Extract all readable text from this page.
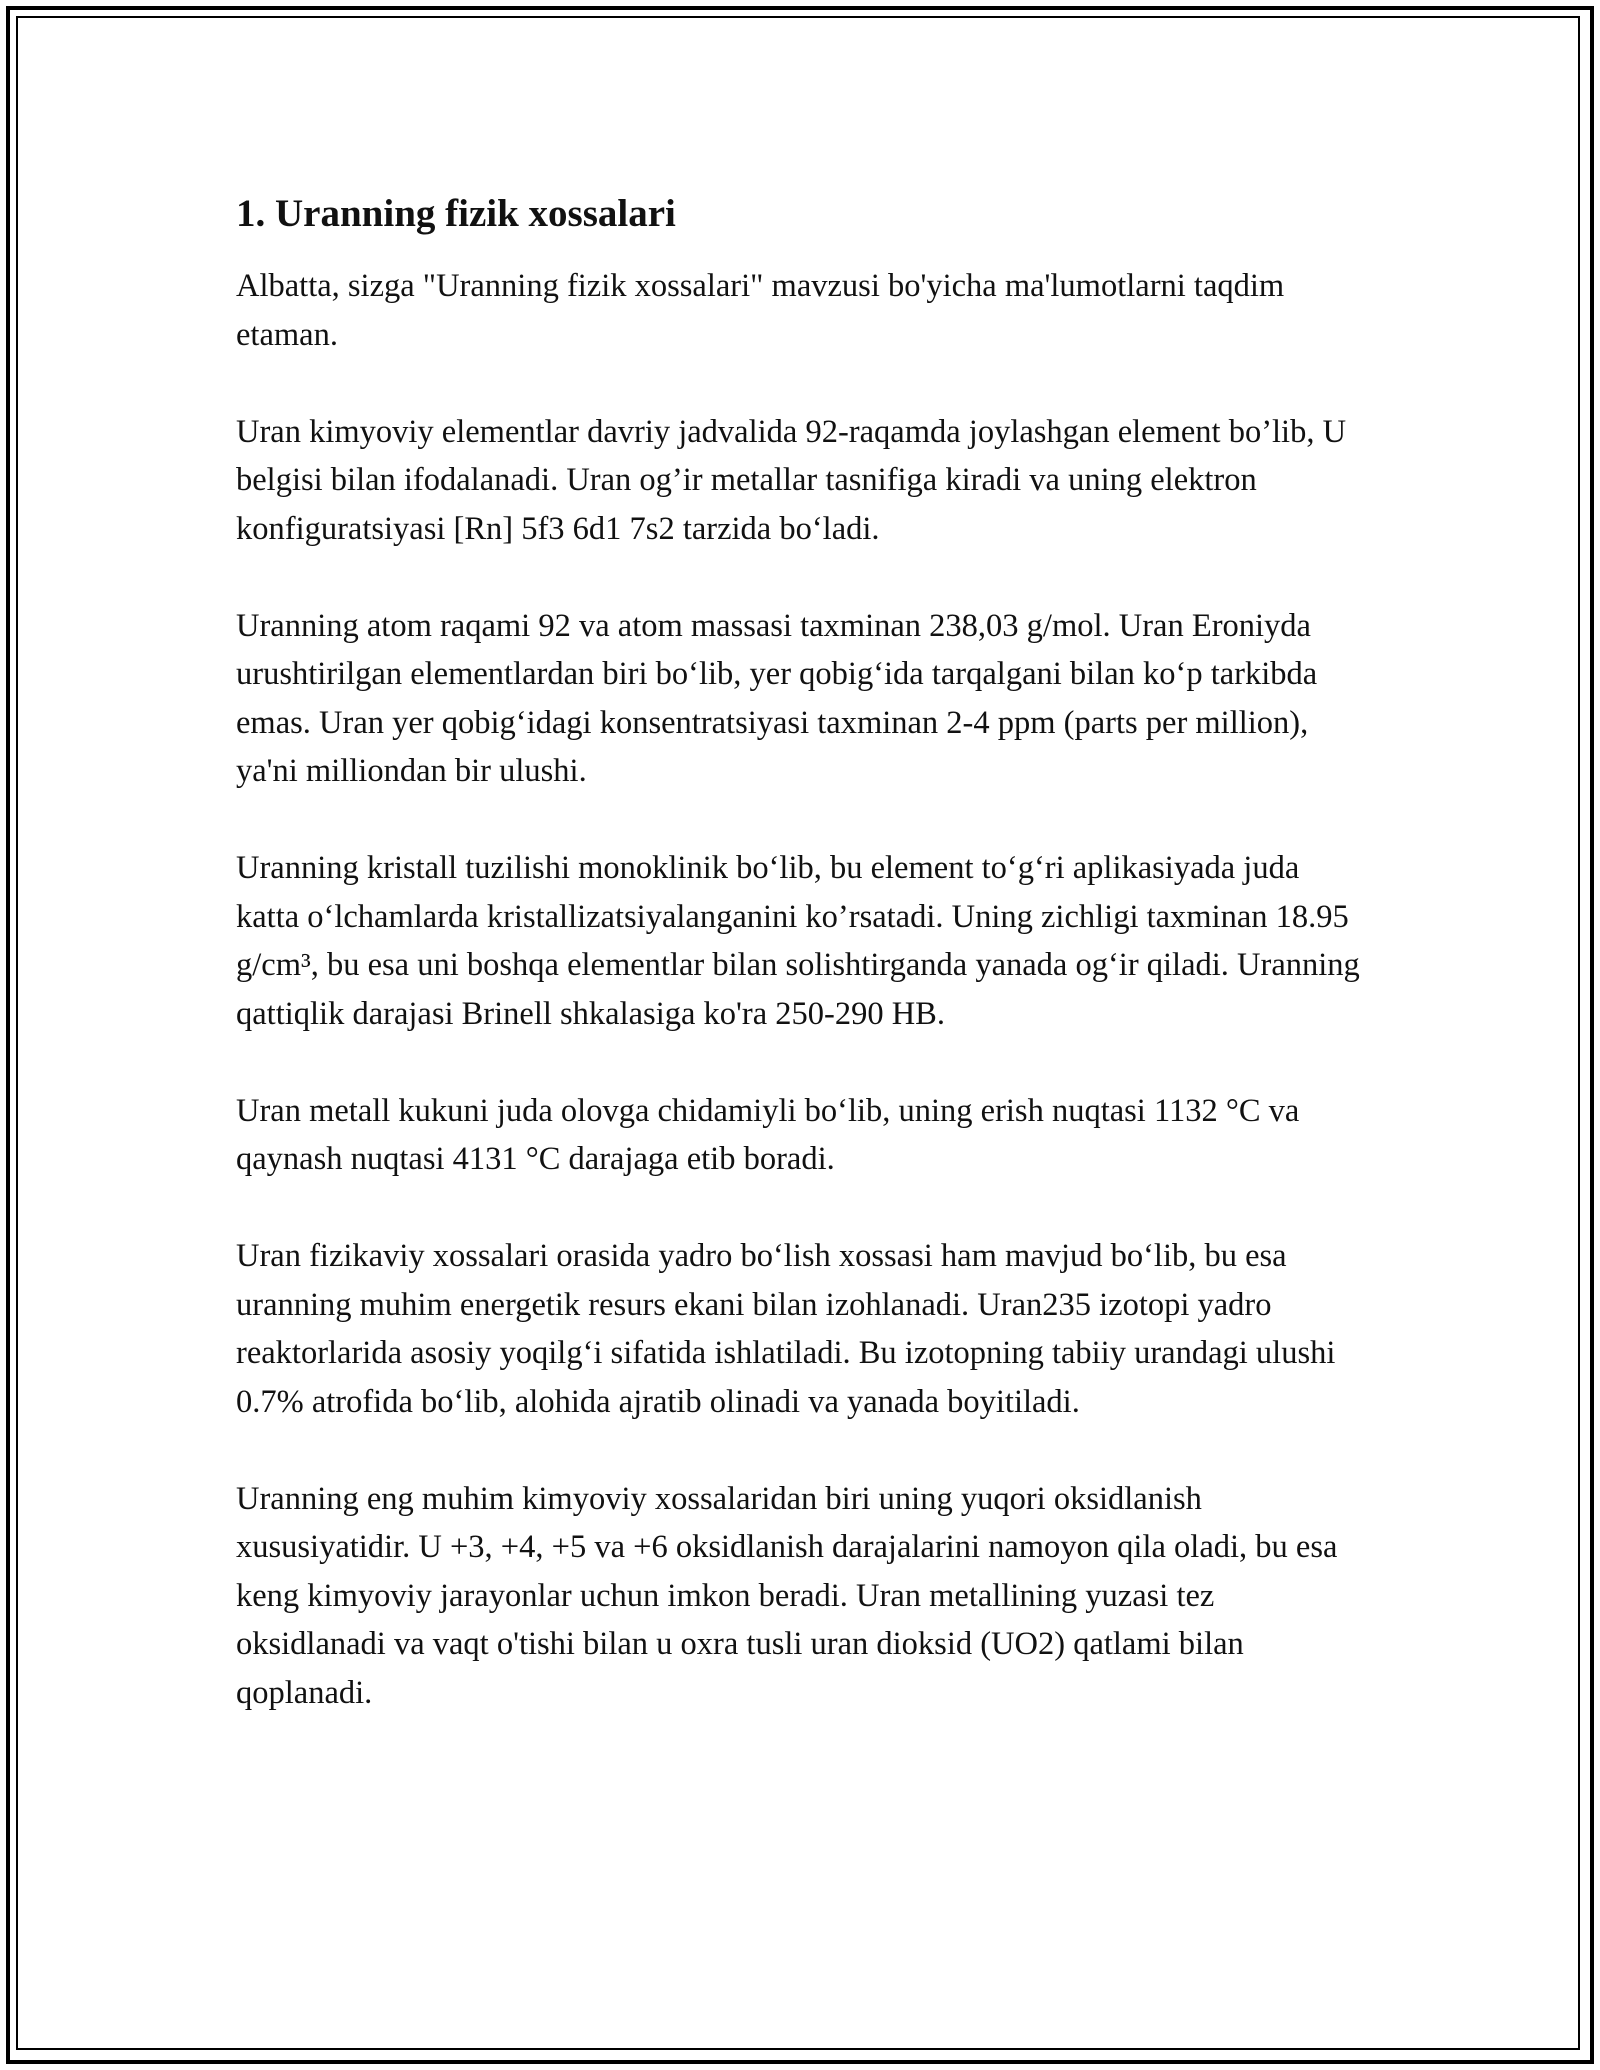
1. Uranning fizik xossalari

Albatta, sizga "Uranning fizik xossalari" mavzusi bo'yicha ma'lumotlarni taqdim etaman.

Uran kimyoviy elementlar davriy jadvalida 92-raqamda joylashgan element bo’lib, U belgisi bilan ifodalanadi. Uran og’ir metallar tasnifiga kiradi va uning elektron konfiguratsiyasi [Rn] 5f3 6d1 7s2 tarzida bo‘ladi.

Uranning atom raqami 92 va atom massasi taxminan 238,03 g/mol. Uran Eroniyda urushtirilgan elementlardan biri bo‘lib, yer qobig‘ida tarqalgani bilan ko‘p tarkibda emas. Uran yer qobig‘idagi konsentratsiyasi taxminan 2-4 ppm (parts per million), ya'ni milliondan bir ulushi.

Uranning kristall tuzilishi monoklinik bo‘lib, bu element to‘g‘ri aplikasiyada juda katta o‘lchamlarda kristallizatsiyalanganini ko’rsatadi. Uning zichligi taxminan 18.95 g/cm³, bu esa uni boshqa elementlar bilan solishtirganda yanada og‘ir qiladi. Uranning qattiqlik darajasi Brinell shkalasiga ko'ra 250-290 HB.

Uran metall kukuni juda olovga chidamiyli bo‘lib, uning erish nuqtasi 1132 °C va qaynash nuqtasi 4131 °C darajaga etib boradi.

Uran fizikaviy xossalari orasida yadro bo‘lish xossasi ham mavjud bo‘lib, bu esa uranning muhim energetik resurs ekani bilan izohlanadi. Uran235 izotopi yadro reaktorlarida asosiy yoqilg‘i sifatida ishlatiladi. Bu izotopning tabiiy urandagi ulushi 0.7% atrofida bo‘lib, alohida ajratib olinadi va yanada boyitiladi.

Uranning eng muhim kimyoviy xossalaridan biri uning yuqori oksidlanish xususiyatidir. U +3, +4, +5 va +6 oksidlanish darajalarini namoyon qila oladi, bu esa keng kimyoviy jarayonlar uchun imkon beradi. Uran metallining yuzasi tez oksidlanadi va vaqt o'tishi bilan u oxra tusli uran dioksid (UO2) qatlami bilan qoplanadi.
